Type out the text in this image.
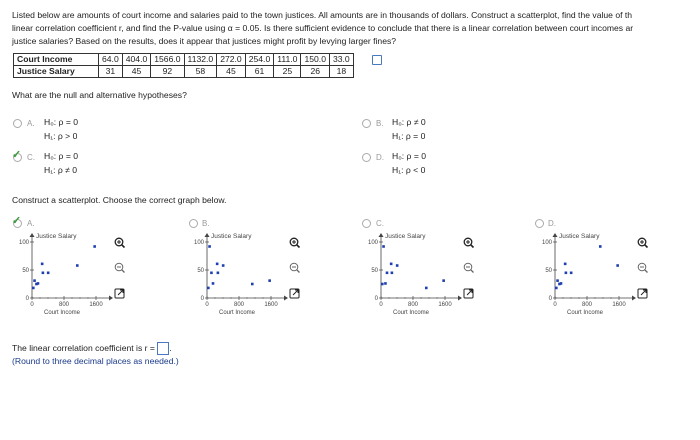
Listed below are amounts of court income and salaries paid to the town justices. All amounts are in thousands of dollars. Construct a scatterplot, find the value of th
linear correlation coefficient r, and find the P-value using α = 0.05. Is there sufficient evidence to conclude that there is a linear correlation between court incomes ar
justice salaries? Based on the results, does it appear that justices might profit by levying larger fines?
Court Income	64.0	404.0	1566.0	1132.0	272.0	254.0	111.0	150.0	33.0
Justice Salary	31	45	92	58	45	61	25	26	18
What are the null and alternative hypotheses?
A. H₀: ρ = 0
H₁: ρ > 0
B. H₀: ρ ≠ 0
H₁: ρ = 0
✓ C. H₀: ρ = 0
H₁: ρ ≠ 0
D. H₀: ρ = 0
H₁: ρ < 0
Construct a scatterplot. Choose the correct graph below.
✓ A.	B.	C.	D.
100
50
0
0	800	1600
Justice Salary
Court Income
100
50
0
0	800	1600
Justice Salary
Court Income
100
50
0
0	800	1600
Justice Salary
Court Income
100
50
0
0	800	1600
Justice Salary
Court Income
The linear correlation coefficient is r = .
(Round to three decimal places as needed.)
